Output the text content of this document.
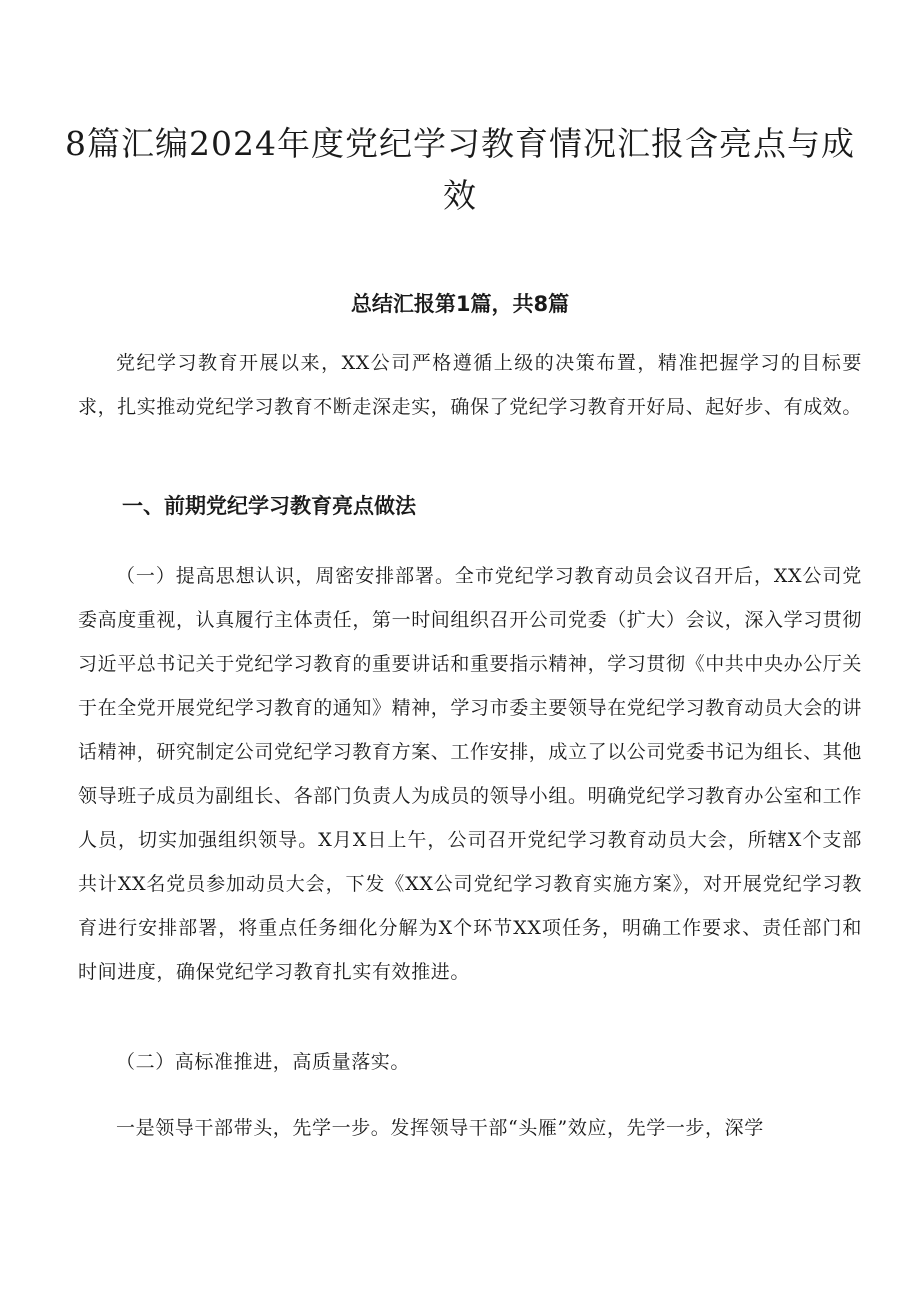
8篇汇编2024年度党纪学习教育情况汇报含亮点与成效
总结汇报第1篇，共8篇

党纪学习教育开展以来，XX公司严格遵循上级的决策布置，精准把握学习的目标要求，扎实推动党纪学习教育不断走深走实，确保了党纪学习教育开好局、起好步、有成效。

一、前期党纪学习教育亮点做法

（一）提高思想认识，周密安排部署。全市党纪学习教育动员会议召开后，XX公司党委高度重视，认真履行主体责任，第一时间组织召开公司党委（扩大）会议，深入学习贯彻习近平总书记关于党纪学习教育的重要讲话和重要指示精神，学习贯彻《中共中央办公厅关于在全党开展党纪学习教育的通知》精神，学习市委主要领导在党纪学习教育动员大会的讲话精神，研究制定公司党纪学习教育方案、工作安排，成立了以公司党委书记为组长、其他领导班子成员为副组长、各部门负责人为成员的领导小组。明确党纪学习教育办公室和工作人员，切实加强组织领导。X月X日上午，公司召开党纪学习教育动员大会，所辖X个支部共计XX名党员参加动员大会，下发《XX公司党纪学习教育实施方案》，对开展党纪学习教育进行安排部署，将重点任务细化分解为X个环节XX项任务，明确工作要求、责任部门和时间进度，确保党纪学习教育扎实有效推进。

（二）高标准推进，高质量落实。

一是领导干部带头，先学一步。发挥领导干部“头雁”效应，先学一步，深学
